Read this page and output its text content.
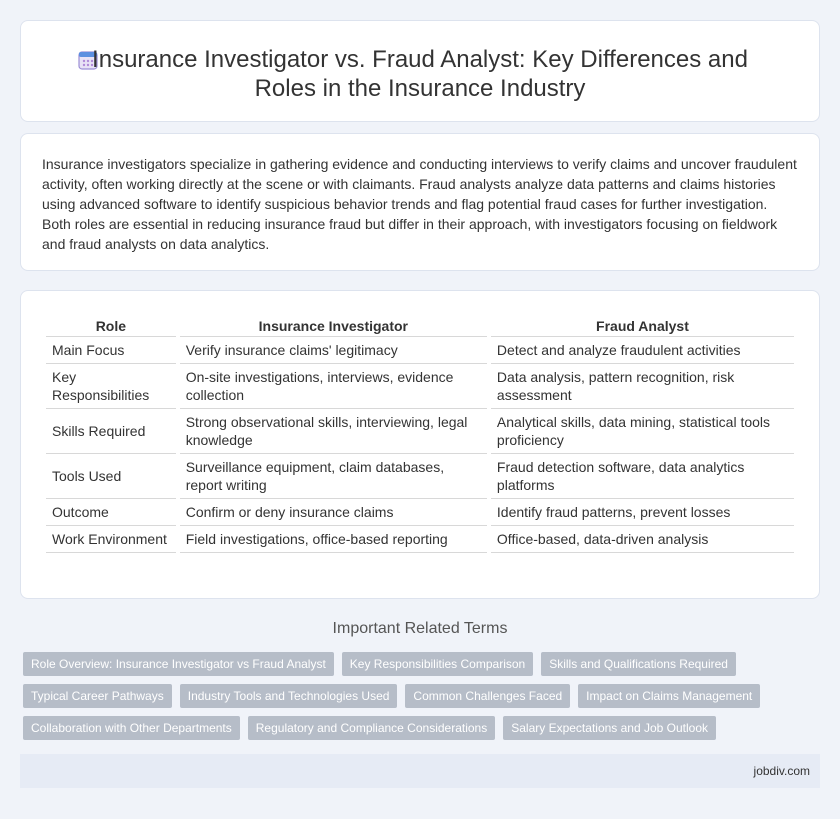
Insurance Investigator vs. Fraud Analyst: Key Differences and Roles in the Insurance Industry

Insurance investigators specialize in gathering evidence and conducting interviews to verify claims and uncover fraudulent activity, often working directly at the scene or with claimants. Fraud analysts analyze data patterns and claims histories using advanced software to identify suspicious behavior trends and flag potential fraud cases for further investigation. Both roles are essential in reducing insurance fraud but differ in their approach, with investigators focusing on fieldwork and fraud analysts on data analytics.

Role	Insurance Investigator	Fraud Analyst
Main Focus	Verify insurance claims' legitimacy	Detect and analyze fraudulent activities
Key Responsibilities	On-site investigations, interviews, evidence collection	Data analysis, pattern recognition, risk assessment
Skills Required	Strong observational skills, interviewing, legal knowledge	Analytical skills, data mining, statistical tools proficiency
Tools Used	Surveillance equipment, claim databases, report writing	Fraud detection software, data analytics platforms
Outcome	Confirm or deny insurance claims	Identify fraud patterns, prevent losses
Work Environment	Field investigations, office-based reporting	Office-based, data-driven analysis
Important Related Terms
Role Overview: Insurance Investigator vs Fraud Analyst	Key Responsibilities Comparison	Skills and Qualifications Required
Typical Career Pathways	Industry Tools and Technologies Used	Common Challenges Faced	Impact on Claims Management
Collaboration with Other Departments	Regulatory and Compliance Considerations	Salary Expectations and Job Outlook
jobdiv.com
